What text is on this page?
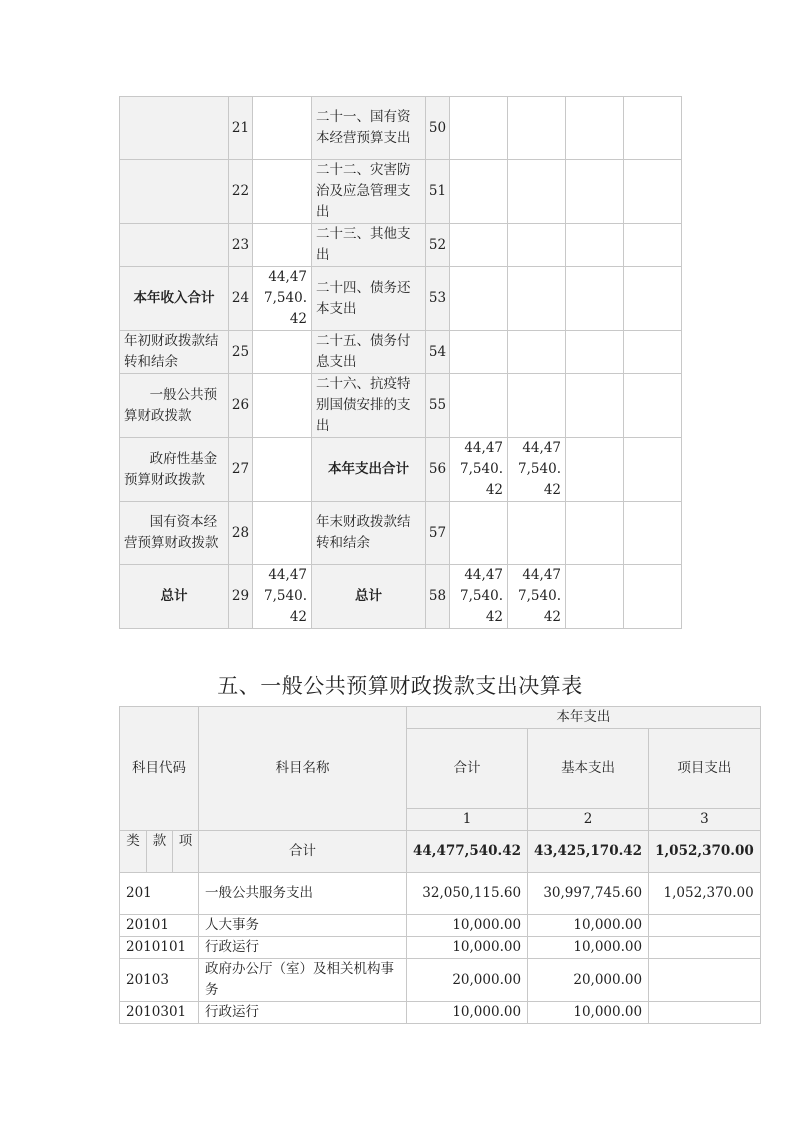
	21		二十一、国有资本经营预算支出	50				
	22		二十二、灾害防治及应急管理支出	51				
	23		二十三、其他支出	52				
本年收入合计	24	44,477,540.42	二十四、债务还本支出	53				
年初财政拨款结转和结余	25		二十五、债务付息支出	54				
一般公共预算财政拨款	26		二十六、抗疫特别国债安排的支出	55				
政府性基金预算财政拨款	27		本年支出合计	56	44,477,540.42	44,477,540.42		
国有资本经营预算财政拨款	28		年末财政拨款结转和结余	57				
总计	29	44,477,540.42	总计	58	44,477,540.42	44,477,540.42		
五、一般公共预算财政拨款支出决算表
科目代码			科目名称	本年支出		
				合计	基本支出	项目支出
				1	2	3
类	款	项	合计	44,477,540.42	43,425,170.42	1,052,370.00
201			一般公共服务支出	32,050,115.60	30,997,745.60	1,052,370.00
20101			人大事务	10,000.00	10,000.00	
2010101			行政运行	10,000.00	10,000.00	
20103			政府办公厅（室）及相关机构事务	20,000.00	20,000.00	
2010301			行政运行	10,000.00	10,000.00	
